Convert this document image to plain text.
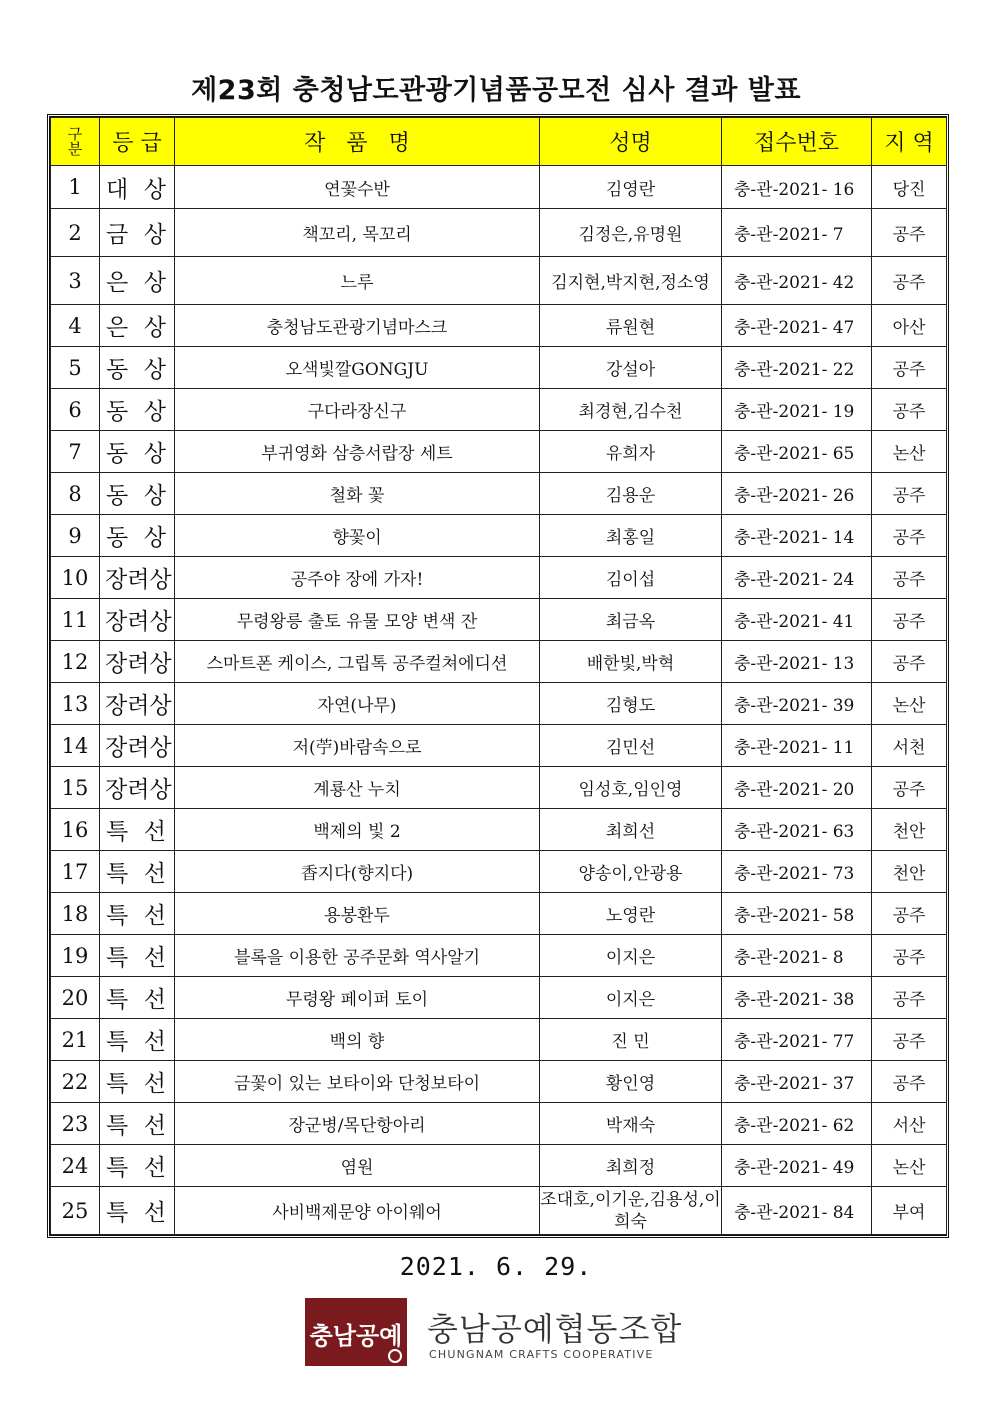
제23회 충청남도관광기념품공모전 심사 결과 발표
구분	등 급	작   품   명	성명	접수번호	지 역
1	대 상	연꽃수반	김영란	충-관-2021- 16	당진
2	금 상	책꼬리, 목꼬리	김정은,유명원	충-관-2021- 7	공주
3	은 상	느루	김지현,박지현,정소영	충-관-2021- 42	공주
4	은 상	충청남도관광기념마스크	류원현	충-관-2021- 47	아산
5	동 상	오색빛깔GONGJU	강설아	충-관-2021- 22	공주
6	동 상	구다라장신구	최경현,김수천	충-관-2021- 19	공주
7	동 상	부귀영화 삼층서랍장 세트	유희자	충-관-2021- 65	논산
8	동 상	철화 꽃	김용운	충-관-2021- 26	공주
9	동 상	향꽃이	최홍일	충-관-2021- 14	공주
10	장려상	공주야 장에 가자!	김이섭	충-관-2021- 24	공주
11	장려상	무령왕릉 출토 유물 모양 변색 잔	최금옥	충-관-2021- 41	공주
12	장려상	스마트폰 케이스, 그립톡 공주컬쳐에디션	배한빛,박혁	충-관-2021- 13	공주
13	장려상	자연(나무)	김형도	충-관-2021- 39	논산
14	장려상	저(苧)바람속으로	김민선	충-관-2021- 11	서천
15	장려상	계룡산 누치	임성호,임인영	충-관-2021- 20	공주
16	특 선	백제의 빛 2	최희선	충-관-2021- 63	천안
17	특 선	香지다(향지다)	양송이,안광용	충-관-2021- 73	천안
18	특 선	용봉환두	노영란	충-관-2021- 58	공주
19	특 선	블록을 이용한 공주문화 역사알기	이지은	충-관-2021- 8	공주
20	특 선	무령왕 페이퍼 토이	이지은	충-관-2021- 38	공주
21	특 선	백의 향	진 민	충-관-2021- 77	공주
22	특 선	금꽃이 있는 보타이와 단청보타이	황인영	충-관-2021- 37	공주
23	특 선	장군병/목단항아리	박재숙	충-관-2021- 62	서산
24	특 선	염원	최희정	충-관-2021- 49	논산
25	특 선	사비백제문양 아이웨어	조대호,이기운,김용성,이희숙	충-관-2021- 84	부여
2021. 6. 29.
충남공예 충남공예협동조합
CHUNGNAM CRAFTS COOPERATIVE
